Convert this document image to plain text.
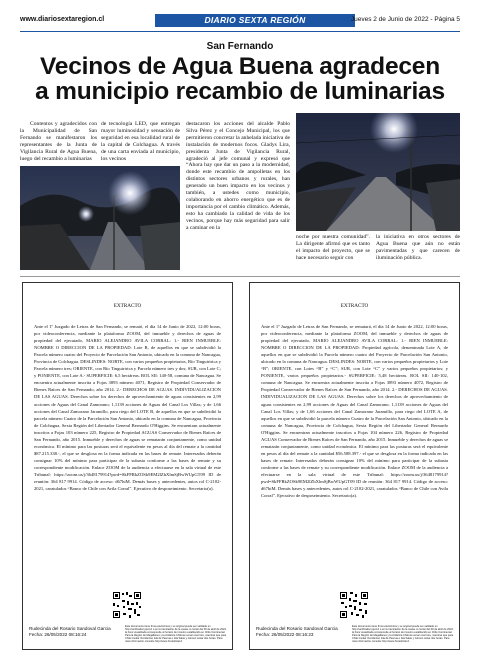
www.diariosextaregion.cl	DIARIO SEXTA REGIÓN	Jueves 2 de Junio de 2022 - Página 5
San Fernando
Vecinos de Agua Buena agradecen
a municipio recambio de luminarias

Contentos y agradecidos con la Municipalidad de San Fernando se manifestaron los representantes de la Junta de Vigilancia Rural de Agua Buena, luego del recambio a luminarias

de tecnología LED, que entregan mayor luminosidad y sensación de seguridad en esa localidad rural de la capital de Colchagua. A través de una carta enviada al municipio, los vecinos

destacaron los acciones del alcalde Pablo Silva Pérez y el Concejo Municipal, los que permitieron concretar la anhelada iniciativa de instalación de modernos focos. Gladys Lira, presidenta Junta de Vigilancia Rural, agradeció al jefe comunal y expresó que “Ahora hay que dar un paso a la modernidad, donde este recambio de ampolletas en los distintos sectores urbanos y rurales, han generado un buen impacto en los vecinos y también, a ustedes como municipio, colaborando en ahorro energético que es de importancia por el cambio climático. Además, esto ha cambiado la calidad de vida de los vecinos, porque hay más seguridad para salir a caminar en la

noche por nuestra comunidad”. La dirigente afirmó que es tanto el impacto del proyecto, que se hace necesario seguir con

la iniciativa en otros sectores de Agua Buena que aún no están pavimentadas y que carecen de iluminación pública.

EXTRACTO

Ante el 1º Juzgado de Letras de San Fernando, se remató, el día 14 de Junio de 2022, 12:00 horas, por videoconferencia, mediante la plataforma ZOOM, del inmueble y derechos de aguas de propiedad del ejecutado, MARIO ALEJANDRO AVILA CORRAL: 1.- BIEN INMUEBLE: NOMBRE O DIRECCION DE LA PROPIEDAD: Lote B, de aquellos en que se subdividió la Parcela número cuatro del Proyecto de Parcelación San Antonio, ubicado en la comuna de Nancagua, Provincia de Colchagua. DESLINDES: NORTE, con varios pequeños propietarios, Río Tinguiririca y Parcela número tres; ORIENTE, con Río Tinguiririca y Parcela número tres y dos; SUR, con Lote C; y PONIENTE, con Lote A.- SUPERFICIE: 6,5 hectáreas. ROL SII: 140-58, comuna de Nancagua. Se encuentra actualmente inscrita a Fojas 3893 número 4071, Registro de Propiedad Conservador de Bienes Raíces de San Fernando, año 2014. 2.- DERECHOS DE AGUAS. INDIVIDUALIZACION DE LAS AGUAS. Derechos sobre los derechos de aprovechamiento de aguas consistentes en 2,99 acciones de Aguas del Canal Zamorano; 1,1139 acciones de Aguas del Canal Los Villas; y de 1,66 acciones del Canal Zamorano Jaramillo, para riego del LOTE B, de aquellos en que se subdividió la parcela número Cuatro de la Parcelación San Antonio, ubicado en la comuna de Nancagua, Provincia de Colchagua, Sexta Región del Libertador General Bernardo O'Higgins. Se encuentran actualmente inscritos a Fojas 103 número 225, Registro de Propiedad AGUAS Conservador de Bienes Raíces de San Fernando, año 2015. Inmueble y derechos de aguas se rematarán conjuntamente, como unidad económica. El mínimo para las posturas será el equivalente en pesos al día del remate a la cantidad $87.215.338.-, el que se desglosa en la forma indicada en las bases de remate. Interesados deberán consignar 10% del mínimo para participar de la subasta conforme a las bases de remate y su correspondiente modificación. Enlace ZOOM de la audiencia a efectuarse en la sala virtual de este Tribunal: https://zoom.us/j/3648179914?pwd=SkFFRkZOSk9EM2lZbXlmSjBwWUpGT09 ID de reunión: 364 817 9914. Código de acceso: d67hiM. Demás bases y antecedentes, autos rol C-2102-2021, caratulados “Banco de Chile con Avila Corral”. Ejecutivo de desposeimiento. Secretario(a).

Rudecinda del Rosario Sandoval Garcia
Fecha: 26/05/2022 08:16:24
Este documento tiene firma electrónica y su original puede ser validado en http://verificadoc.pjud.cl o en la tramitación de la causa. A contar del 09 de abril de 2022, la hora visualizada corresponde al horario de invierno establecido en Chile Continental. Para la Región de Magallanes y la Antártica Chilena sumar una hora, mientras que para Chile Insular Occidental, Isla de Pascua e Isla Salas y Gómez restar dos horas. Para más información consulte http://www.horaoficial.cl
EXTRACTO

Ante el 1º Juzgado de Letras de San Fernando, se rematará, el día 14 de Junio de 2022, 12:00 horas, por videoconferencia, mediante la plataforma ZOOM, del inmueble y derechos de aguas de propiedad del ejecutado, MARIO ALEJANDRO AVILA CORRAL: 1.- BIEN INMUEBLE: NOMBRE O DIRECCION DE LA PROPIEDAD: Propiedad agrícola, denominada Lote A, de aquellos en que se subdividió la Parcela número cuatro del Proyecto de Parcelación San Antonio, ubicado en la comuna de Nancagua. DESLINDES: NORTE, con varios pequeños propietarios y Lote “B”; ORIENTE, con Lotes “B” y “C”; SUR, con Lote “C” y varios pequeños propietarios; y PONIENTE, varios pequeños propietarios.- SUPERFICIE: 5,48 hectáreas. ROL SII: 140-102, comuna de Nancagua. Se encuentra actualmente inscrita a Fojas 3893 número 4072, Registro de Propiedad Conservador de Bienes Raíces de San Fernando, año 2014. 2.- DERECHOS DE AGUAS. INDIVIDUALIZACION DE LAS AGUAS. Derechos sobre los derechos de aprovechamiento de aguas consistentes en 2,99 acciones de Aguas del Canal Zamorano; 1,1139 acciones de Aguas del Canal Los Villas; y de 1,66 acciones del Canal Zamorano Jaramillo, para riego del LOTE A, de aquellos en que se subdividió la parcela número Cuatro de la Parcelación San Antonio, ubicado en la comuna de Nancagua, Provincia de Colchagua, Sexta Región del Libertador General Bernardo O'Higgins. Se encuentran actualmente inscritos a Fojas 104 número 226, Registro de Propiedad AGUAS Conservador de Bienes Raíces de San Fernando, año 2015. Inmueble y derechos de aguas se rematarán conjuntamente, como unidad económica. El mínimo para las posturas será el equivalente en pesos al día del remate a la cantidad $56.588.397.- el que se desglosa en la forma indicada en las bases de remate. Interesados deberán consignar 10% del mínimo para participar de la subasta conforme a las bases de remate y su correspondiente modificación. Enlace ZOOM de la audiencia a efectuarse en la sala virtual de este Tribunal: https://zoom.us/j/3648179914?pwd=SkFFRkZOSk9EM2lZbXlmSjBwWUpGT09 ID de reunión: 364 817 9914. Código de acceso: d67hiM. Demás bases y antecedentes, autos rol C-2102-2021, caratulados “Banco de Chile con Avila Corral”. Ejecutivo de desposeimiento. Secretario(a).

Rudecinda del Rosario Sandoval Garcia
Fecha: 26/05/2022 08:16:23
Este documento tiene firma electrónica y su original puede ser validado en http://verificadoc.pjud.cl o en la tramitación de la causa. A contar del 09 de abril de 2022, la hora visualizada corresponde al horario de invierno establecido en Chile Continental. Para la Región de Magallanes y la Antártica Chilena sumar una hora, mientras que para Chile Insular Occidental, Isla de Pascua e Isla Salas y Gómez restar dos horas. Para más información consulte http://www.horaoficial.cl
